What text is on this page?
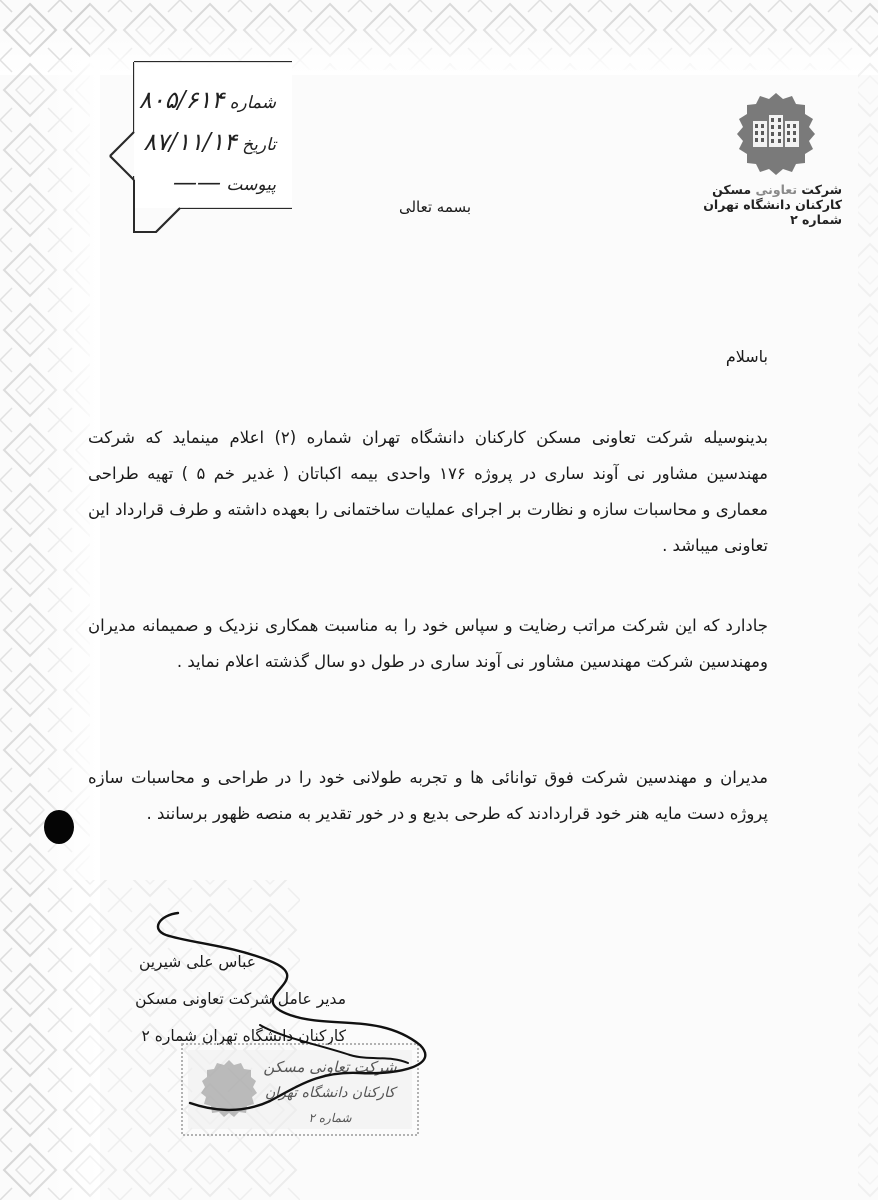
شماره ۸۰۵/۶۱۴
تاریخ ۸۷/۱۱/۱۴
پیوست ——	شرکت تعاونی مسکن
کارکنان دانشگاه تهران
شماره ۲
بسمه تعالی
باسلام

بدینوسیله شرکت تعاونی مسکن کارکنان دانشگاه تهران شماره (۲) اعلام مینماید که شرکت مهندسین مشاور نی آوند ساری در پروژه ۱۷۶ واحدی بیمه اکباتان ( غدیر خم ۵ ) تهیه طراحی معماری و محاسبات سازه و نظارت بر اجرای عملیات ساختمانی را بعهده داشته و طرف قرارداد این تعاونی میباشد .

جادارد که این شرکت مراتب رضایت و سپاس خود را به مناسبت همکاری نزدیک و صمیمانه مدیران ومهندسین شرکت مهندسین مشاور نی آوند ساری در طول دو سال گذشته اعلام نماید .

مدیران و مهندسین شرکت فوق توانائی ها و تجربه طولانی خود را در طراحی و محاسبات سازه پروژه دست مایه هنر خود قراردادند که طرحی بدیع و در خور تقدیر به منصه ظهور برسانند .

عباس علی شیرین
مدیر عامل شرکت تعاونی مسکن
کارکنان دانشگاه تهران شماره ۲
شرکت تعاونی مسکن
کارکنان دانشگاه تهران
شماره ۲
